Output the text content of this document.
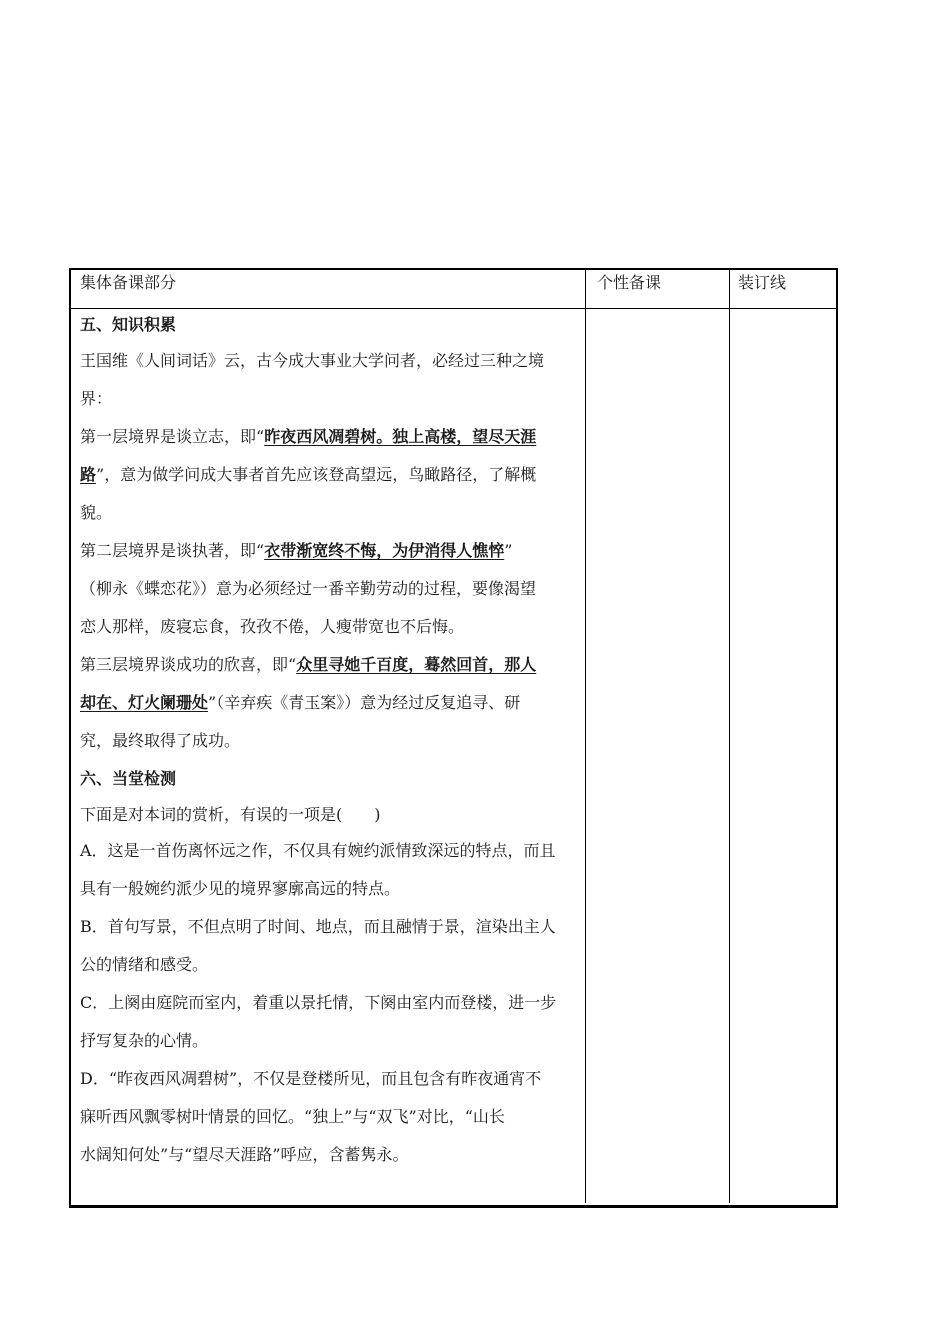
集体备课部分	个性备课	装订线
五、知识积累
王国维《人间词话》云，古今成大事业大学问者，必经过三种之境
界：
第一层境界是谈立志，即“昨夜西风凋碧树。独上高楼，望尽天涯
路”，意为做学问成大事者首先应该登高望远，鸟瞰路径，了解概
貌。
第二层境界是谈执著，即“衣带渐宽终不悔，为伊消得人憔悴”
（柳永《蝶恋花》）意为必须经过一番辛勤劳动的过程，要像渴望
恋人那样，废寝忘食，孜孜不倦，人瘦带宽也不后悔。
第三层境界谈成功的欣喜，即“众里寻她千百度，蓦然回首，那人
却在、灯火阑珊处”（辛弃疾《青玉案》）意为经过反复追寻、研
究，最终取得了成功。
六、当堂检测
下面是对本词的赏析，有误的一项是(　　)
A．这是一首伤离怀远之作，不仅具有婉约派情致深远的特点，而且
具有一般婉约派少见的境界寥廓高远的特点。
B．首句写景，不但点明了时间、地点，而且融情于景，渲染出主人
公的情绪和感受。
C．上阕由庭院而室内，着重以景托情，下阕由室内而登楼，进一步
抒写复杂的心情。
D．“昨夜西风凋碧树”，不仅是登楼所见，而且包含有昨夜通宵不
寐听西风飘零树叶情景的回忆。“独上”与“双飞”对比，“山长
水阔知何处”与“望尽天涯路”呼应，含蓄隽永。
